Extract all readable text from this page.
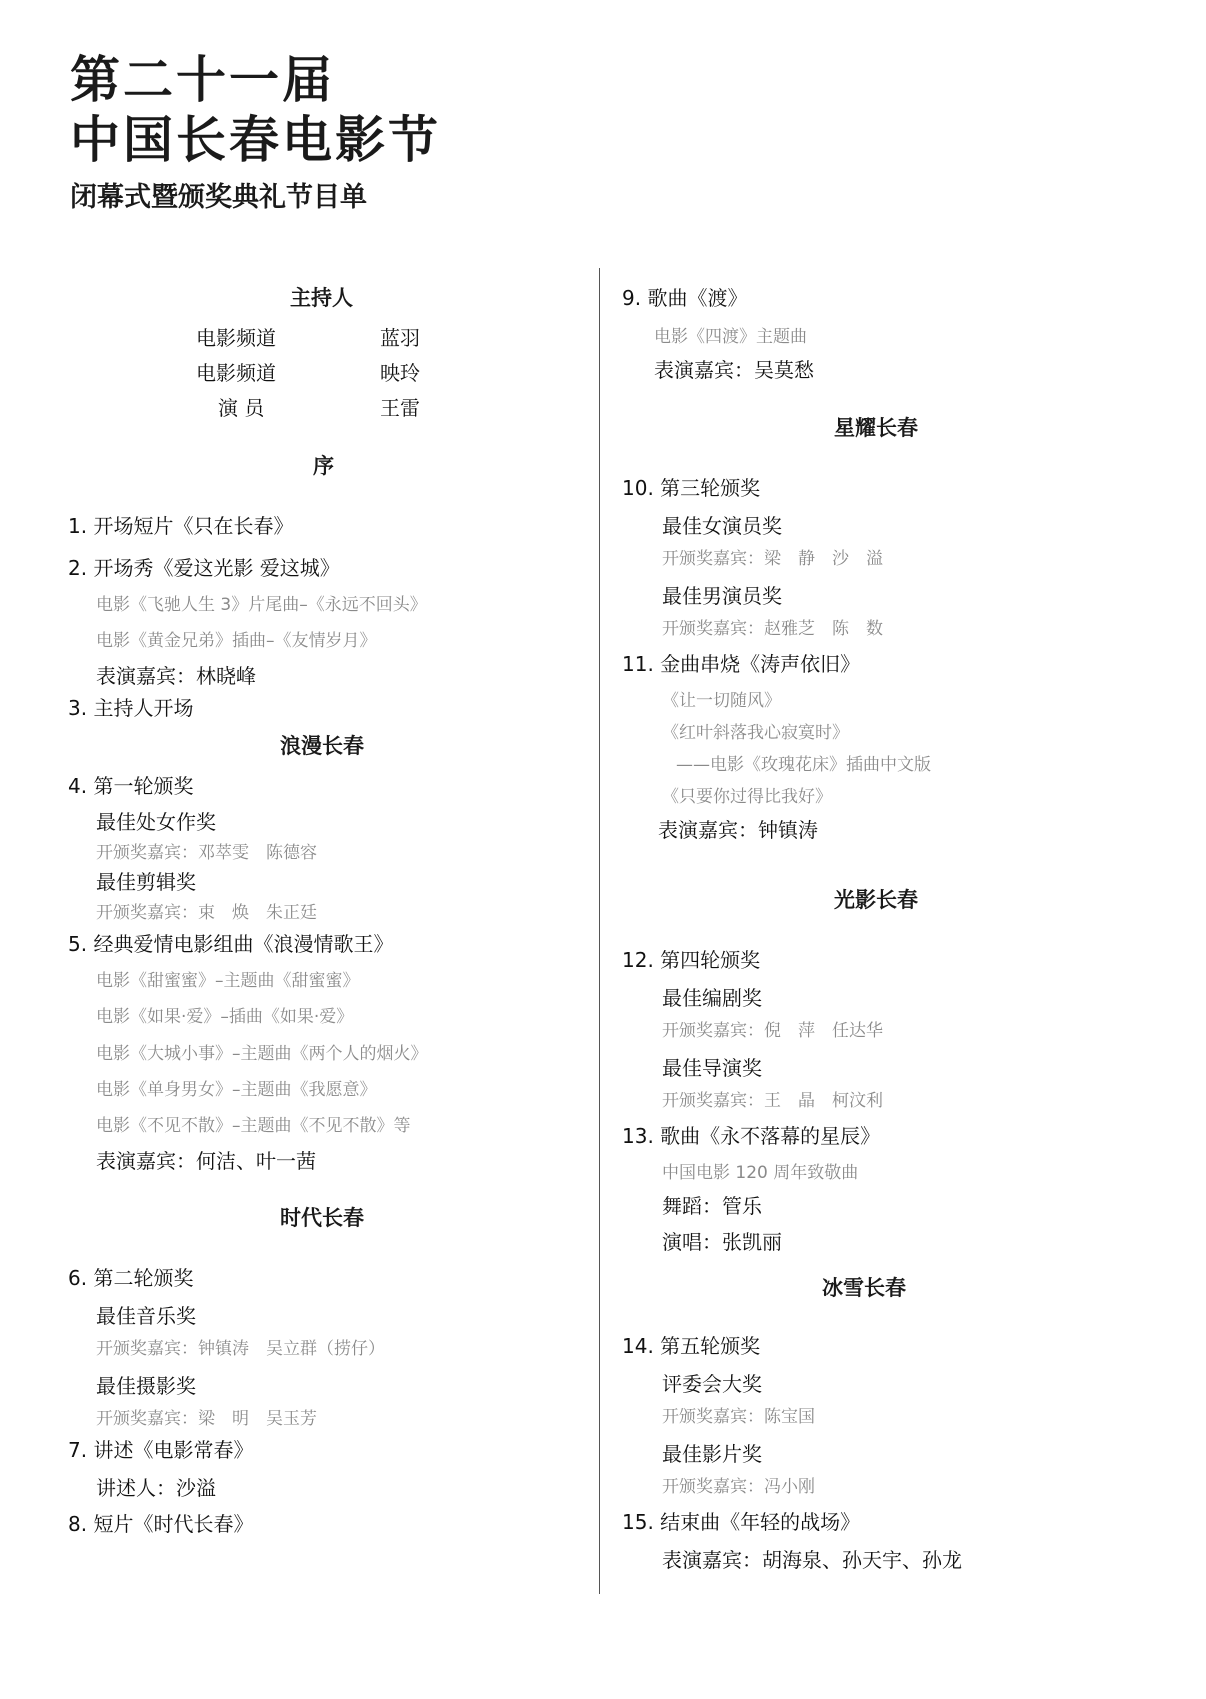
第二十一届
中国长春电影节
闭幕式暨颁奖典礼节目单
主持人
电影频道	蓝羽
电影频道	映玲
演 员	王雷
序
1. 开场短片《只在长春》
2. 开场秀《爱这光影 爱这城》
电影《飞驰人生 3》片尾曲–《永远不回头》
电影《黄金兄弟》插曲–《友情岁月》
表演嘉宾：林晓峰
3. 主持人开场
浪漫长春
4. 第一轮颁奖
最佳处女作奖
开颁奖嘉宾：邓萃雯　陈德容
最佳剪辑奖
开颁奖嘉宾：束　焕　朱正廷
5. 经典爱情电影组曲《浪漫情歌王》
电影《甜蜜蜜》–主题曲《甜蜜蜜》
电影《如果·爱》–插曲《如果·爱》
电影《大城小事》–主题曲《两个人的烟火》
电影《单身男女》–主题曲《我愿意》
电影《不见不散》–主题曲《不见不散》等
表演嘉宾：何洁、叶一茜
时代长春
6. 第二轮颁奖
最佳音乐奖
开颁奖嘉宾：钟镇涛　吴立群（捞仔）
最佳摄影奖
开颁奖嘉宾：梁　明　吴玉芳
7. 讲述《电影常春》
讲述人：沙溢
8. 短片《时代长春》
9. 歌曲《渡》
电影《四渡》主题曲
表演嘉宾：吴莫愁
星耀长春
10. 第三轮颁奖
最佳女演员奖
开颁奖嘉宾：梁　静　沙　溢
最佳男演员奖
开颁奖嘉宾：赵雅芝　陈　数
11. 金曲串烧《涛声依旧》
《让一切随风》
《红叶斜落我心寂寞时》
——电影《玫瑰花床》插曲中文版
《只要你过得比我好》
表演嘉宾：钟镇涛
光影长春
12. 第四轮颁奖
最佳编剧奖
开颁奖嘉宾：倪　萍　任达华
最佳导演奖
开颁奖嘉宾：王　晶　柯汶利
13. 歌曲《永不落幕的星辰》
中国电影 120 周年致敬曲
舞蹈：管乐
演唱：张凯丽
冰雪长春
14. 第五轮颁奖
评委会大奖
开颁奖嘉宾：陈宝国
最佳影片奖
开颁奖嘉宾：冯小刚
15. 结束曲《年轻的战场》
表演嘉宾：胡海泉、孙天宇、孙龙
